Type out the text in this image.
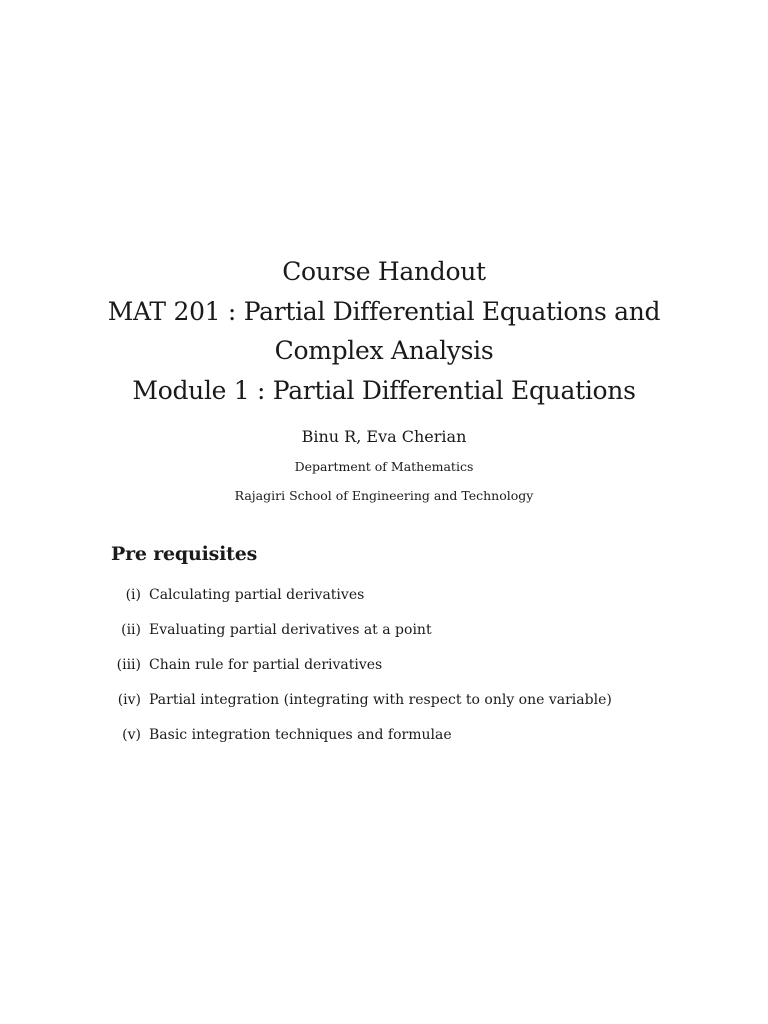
Course Handout
MAT 201 : Partial Differential Equations and
Complex Analysis
Module 1 : Partial Differential Equations
Binu R, Eva Cherian
Department of Mathematics
Rajagiri School of Engineering and Technology
Pre requisites
(i) Calculating partial derivatives
(ii) Evaluating partial derivatives at a point
(iii) Chain rule for partial derivatives
(iv) Partial integration (integrating with respect to only one variable)
(v) Basic integration techniques and formulae
